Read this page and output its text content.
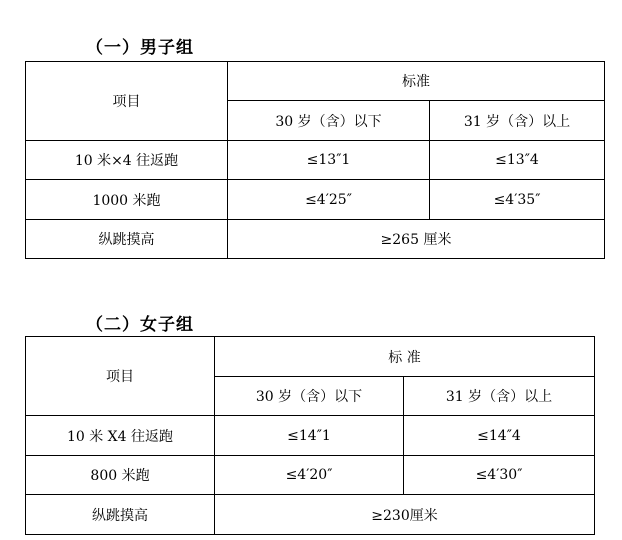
（一）男子组
项目	标准	
	30 岁（含）以下	31 岁（含）以上
10 米×4 往返跑	≤13″1	≤13″4
1000 米跑	≤4′25″	≤4′35″
纵跳摸高	≥265 厘米	
（二）女子组
项目	标 准	
	30 岁（含）以下	31 岁（含）以上
10 米 X4 往返跑	≤14″1	≤14″4
800 米跑	≤4′20″	≤4′30″
纵跳摸高	≥230厘米	
